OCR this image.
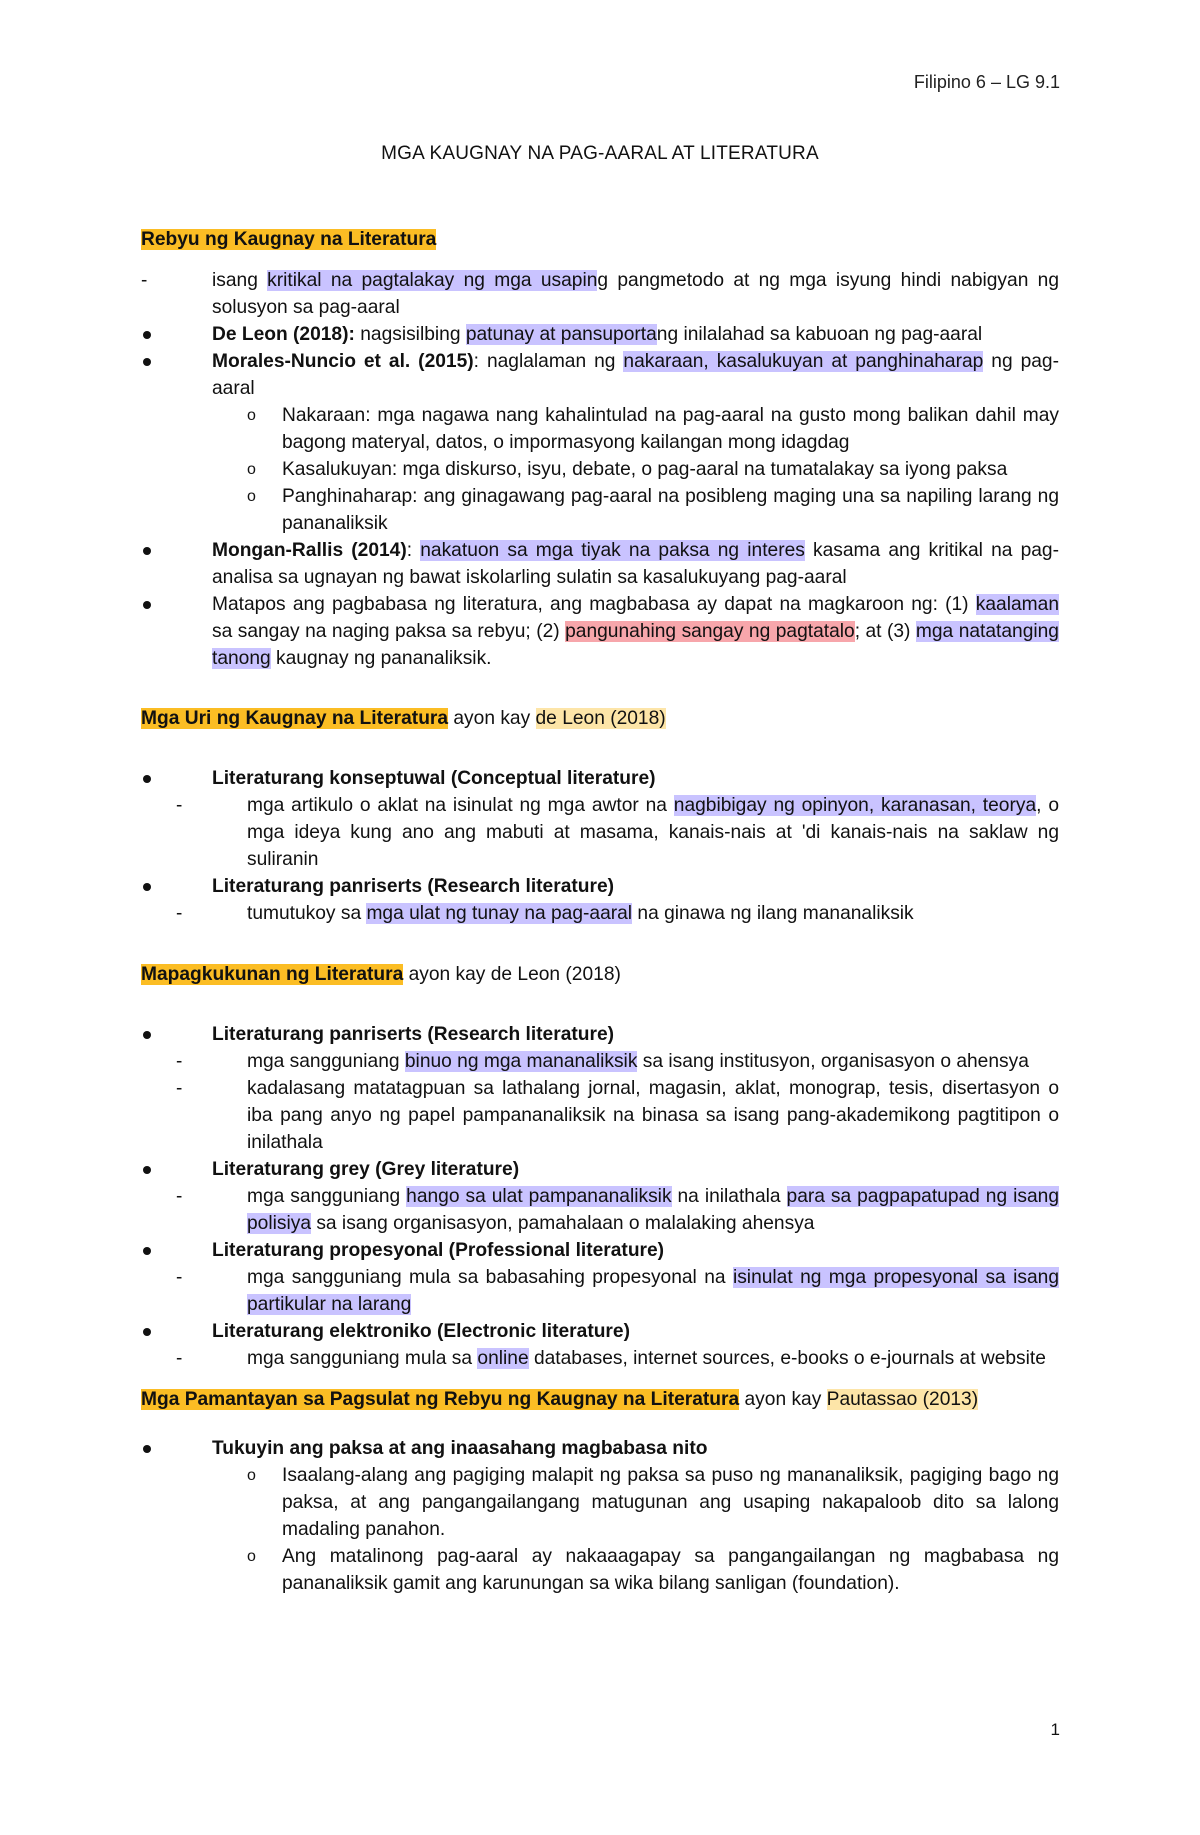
Filipino 6 – LG 9.1
MGA KAUGNAY NA PAG-AARAL AT LITERATURA

Rebyu ng Kaugnay na Literatura

-	isang kritikal na pagtalakay ng mga usaping pangmetodo at ng mga isyung hindi nabigyan ng solusyon sa pag-aaral
De Leon (2018): nagsisilbing patunay at pansuportang inilalahad sa kabuoan ng pag-aaral
Morales-Nuncio et al. (2015): naglalaman ng nakaraan, kasalukuyan at panghinaharap ng pag-aaral
o Nakaraan: mga nagawa nang kahalintulad na pag-aaral na gusto mong balikan dahil may bagong materyal, datos, o impormasyong kailangan mong idagdag
o Kasalukuyan: mga diskurso, isyu, debate, o pag-aaral na tumatalakay sa iyong paksa
o Panghinaharap: ang ginagawang pag-aaral na posibleng maging una sa napiling larang ng pananaliksik
Mongan-Rallis (2014): nakatuon sa mga tiyak na paksa ng interes kasama ang kritikal na pag-analisa sa ugnayan ng bawat iskolarling sulatin sa kasalukuyang pag-aaral
Matapos ang pagbabasa ng literatura, ang magbabasa ay dapat na magkaroon ng: (1) kaalaman sa sangay na naging paksa sa rebyu; (2) pangunahing sangay ng pagtatalo; at (3) mga natatanging tanong kaugnay ng pananaliksik.

Mga Uri ng Kaugnay na Literatura ayon kay de Leon (2018)

Literaturang konseptuwal (Conceptual literature)
-	mga artikulo o aklat na isinulat ng mga awtor na nagbibigay ng opinyon, karanasan, teorya, o mga ideya kung ano ang mabuti at masama, kanais-nais at 'di kanais-nais na saklaw ng suliranin
Literaturang panriserts (Research literature)
-	tumutukoy sa mga ulat ng tunay na pag-aaral na ginawa ng ilang mananaliksik

Mapagkukunan ng Literatura ayon kay de Leon (2018)

Literaturang panriserts (Research literature)
-	mga sangguniang binuo ng mga mananaliksik sa isang institusyon, organisasyon o ahensya
-	kadalasang matatagpuan sa lathalang jornal, magasin, aklat, monograp, tesis, disertasyon o iba pang anyo ng papel pampananaliksik na binasa sa isang pang-akademikong pagtitipon o inilathala
Literaturang grey (Grey literature)
-	mga sangguniang hango sa ulat pampananaliksik na inilathala para sa pagpapatupad ng isang polisiya sa isang organisasyon, pamahalaan o malalaking ahensya
Literaturang propesyonal (Professional literature)
-	mga sangguniang mula sa babasahing propesyonal na isinulat ng mga propesyonal sa isang partikular na larang
Literaturang elektroniko (Electronic literature)
-	mga sangguniang mula sa online databases, internet sources, e-books o e-journals at website

Mga Pamantayan sa Pagsulat ng Rebyu ng Kaugnay na Literatura ayon kay Pautassao (2013)

Tukuyin ang paksa at ang inaasahang magbabasa nito
o Isaalang-alang ang pagiging malapit ng paksa sa puso ng mananaliksik, pagiging bago ng paksa, at ang pangangailangang matugunan ang usaping nakapaloob dito sa lalong madaling panahon.
o Ang matalinong pag-aaral ay nakaaagapay sa pangangailangan ng magbabasa ng pananaliksik gamit ang karunungan sa wika bilang sanligan (foundation).
1
